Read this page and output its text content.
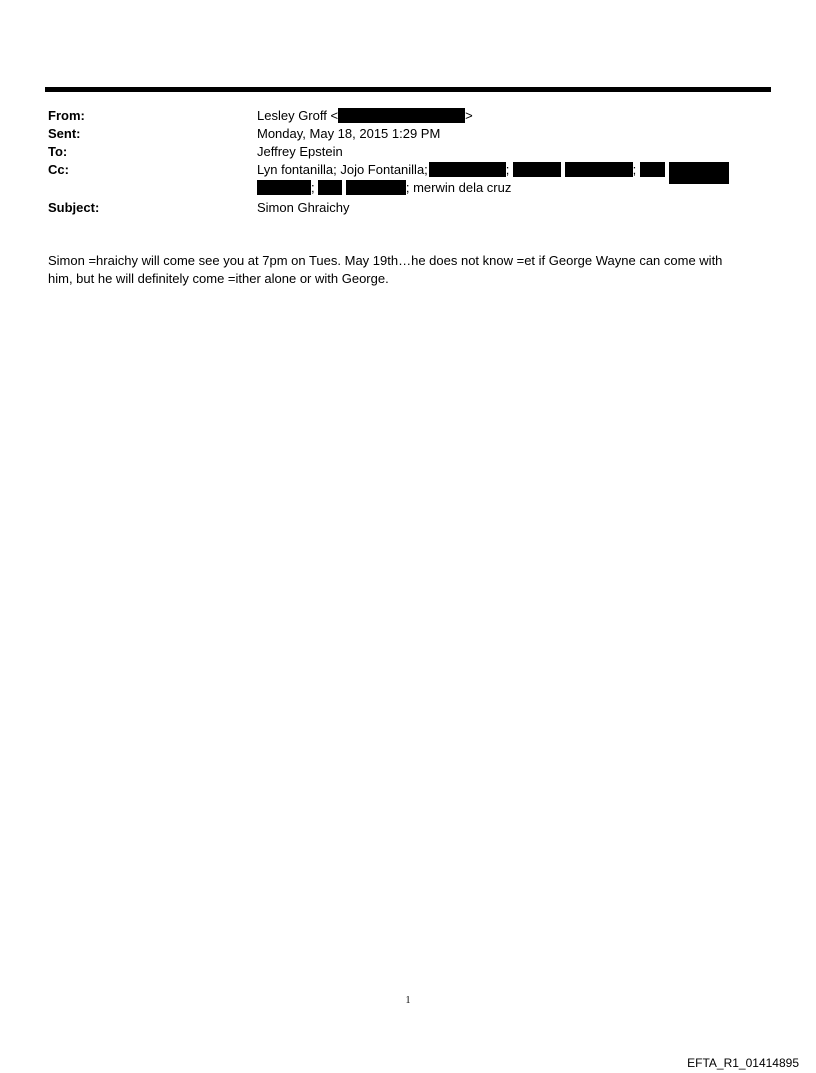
From:	Lesley Groff <	>
Sent:	Monday, May 18, 2015 1:29 PM
To:	Jeffrey Epstein
Cc:	Lyn fontanilla; Jojo Fontanilla;	;	;
;	; merwin dela cruz
Subject:	Simon Ghraichy

Simon =hraichy will come see you at 7pm on Tues. May 19th…he does not know =et if George Wayne can come with

him, but he will definitely come =ither alone or with George.

1
EFTA_R1_01414895
